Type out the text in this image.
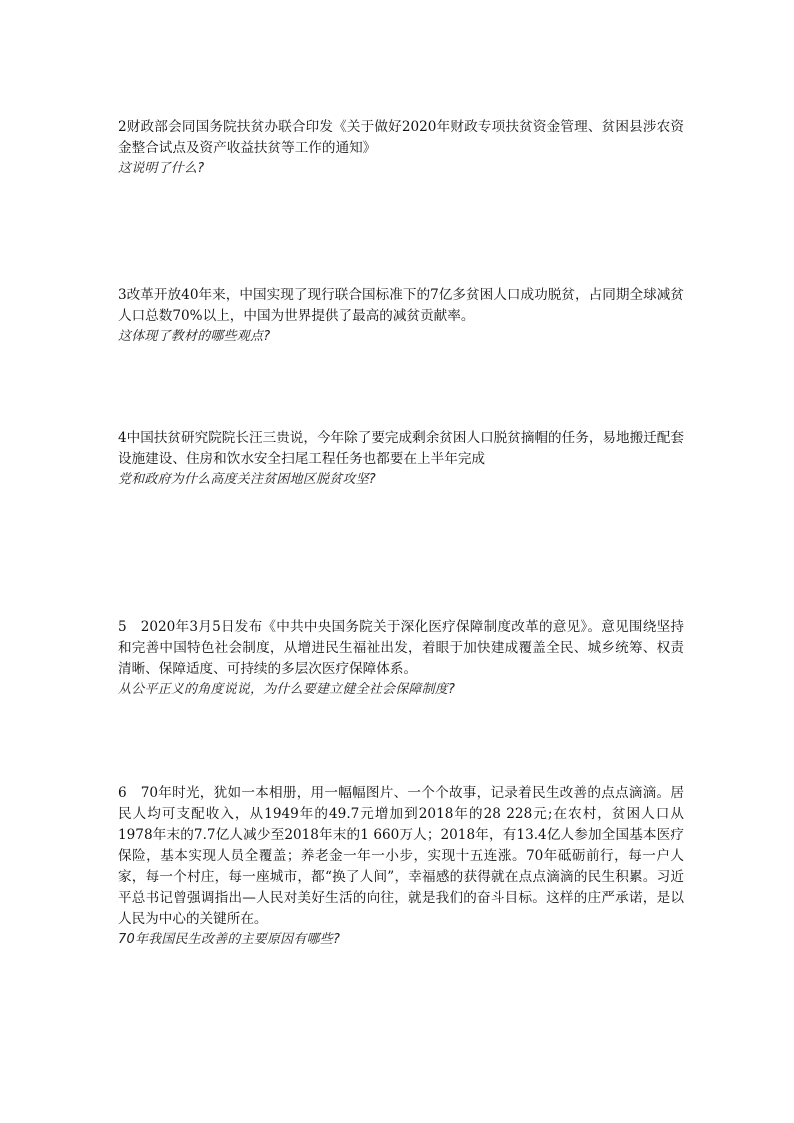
2财政部会同国务院扶贫办联合印发《关于做好2020年财政专项扶贫资金管理、贫困县涉农资金整合试点及资产收益扶贫等工作的通知》

这说明了什么?

3改革开放40年来，中国实现了现行联合国标准下的7亿多贫困人口成功脱贫，占同期全球减贫人口总数70%以上，中国为世界提供了最高的减贫贡献率。

这体现了教材的哪些观点?

4中国扶贫研究院院长汪三贵说，今年除了要完成剩余贫困人口脱贫摘帽的任务，易地搬迁配套设施建设、住房和饮水安全扫尾工程任务也都要在上半年完成

党和政府为什么高度关注贫困地区脱贫攻坚?

5　2020年3月5日发布《中共中央国务院关于深化医疗保障制度改革的意见》。意见围绕坚持和完善中国特色社会制度，从增进民生福祉出发，着眼于加快建成覆盖全民、城乡统筹、权责清晰、保障适度、可持续的多层次医疗保障体系。

从公平正义的角度说说，为什么要建立健全社会保障制度?

6　70年时光，犹如一本相册，用一幅幅图片、一个个故事，记录着民生改善的点点滴滴。居民人均可支配收入，从1949年的49.7元增加到2018年的28 228元;在农村，贫困人口从1978年末的7.7亿人减少至2018年末的1 660万人；2018年，有13.4亿人参加全国基本医疗保险，基本实现人员全覆盖；养老金一年一小步，实现十五连涨。70年砥砺前行，每一户人家，每一个村庄，每一座城市，都“换了人间”，幸福感的获得就在点点滴滴的民生积累。习近平总书记曾强调指出—人民对美好生活的向往，就是我们的奋斗目标。这样的庄严承诺，是以人民为中心的关键所在。

70年我国民生改善的主要原因有哪些?
